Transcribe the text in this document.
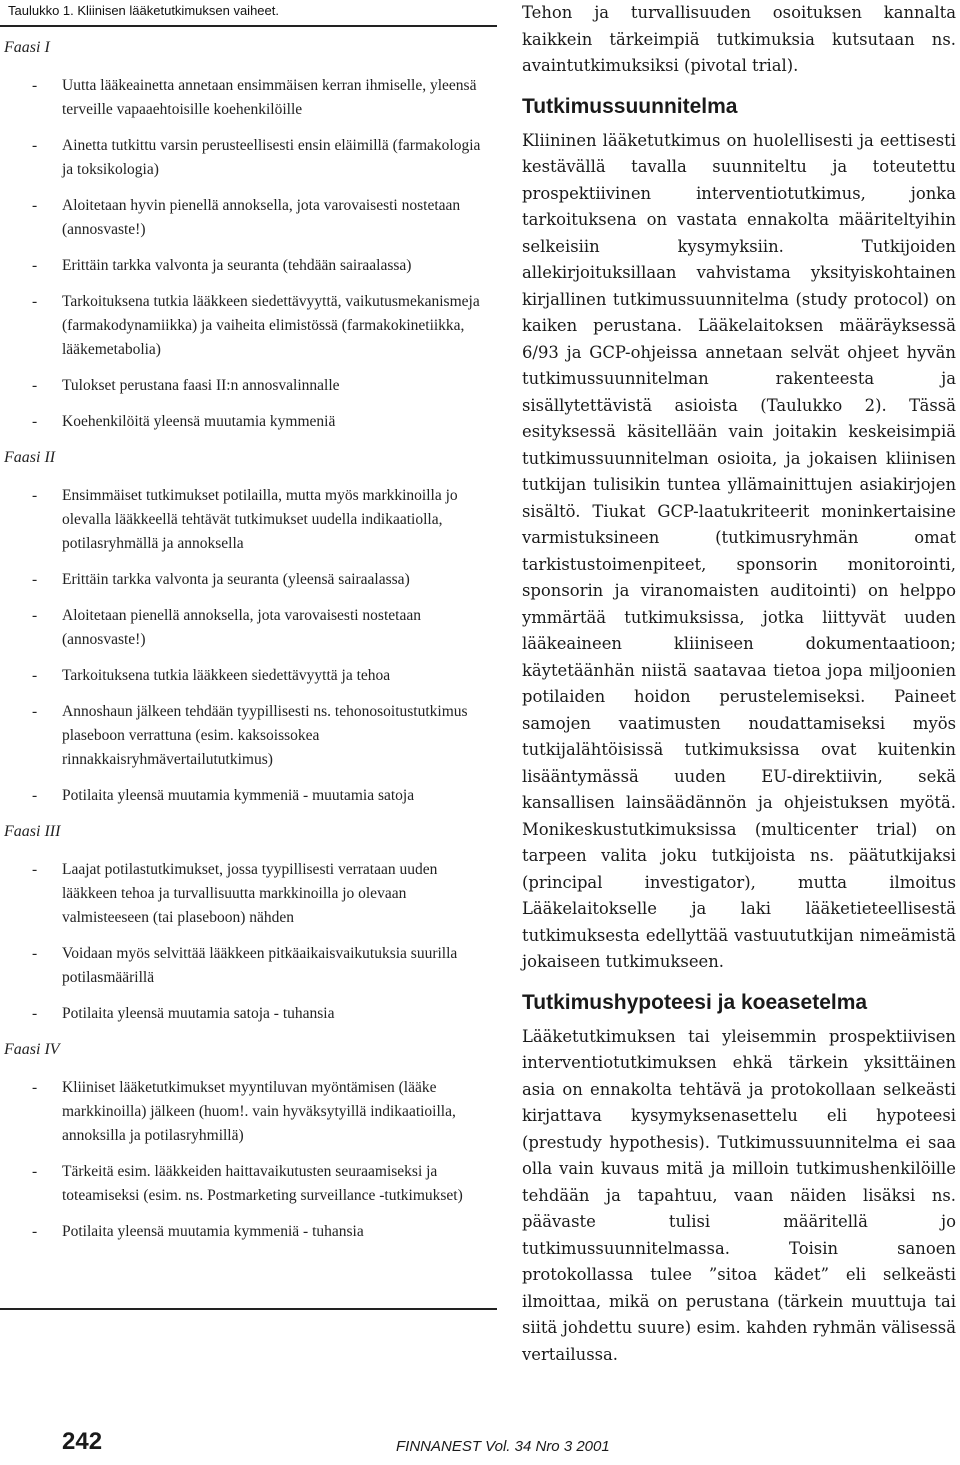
Taulukko 1. Kliinisen lääketutkimuksen vaiheet.
Faasi I
- Uutta lääkeainetta annetaan ensimmäisen kerran ihmiselle, yleensä terveille vapaaehtoisille koehenkilöille
- Ainetta tutkittu varsin perusteellisesti ensin eläimillä (farmakologia ja toksikologia)
- Aloitetaan hyvin pienellä annoksella, jota varovaisesti nostetaan (annosvaste!)
- Erittäin tarkka valvonta ja seuranta (tehdään sairaalassa)
- Tarkoituksena tutkia lääkkeen siedettävyyttä, vaikutusmekanismeja (farmakodynamiikka) ja vaiheita elimistössä (farmakokinetiikka, lääkemetabolia)
- Tulokset perustana faasi II:n annosvalinnalle
- Koehenkilöitä yleensä muutamia kymmeniä
Faasi II
- Ensimmäiset tutkimukset potilailla, mutta myös markkinoilla jo olevalla lääkkeellä tehtävät tutkimukset uudella indikaatiolla, potilasryhmällä ja annoksella
- Erittäin tarkka valvonta ja seuranta (yleensä sairaalassa)
- Aloitetaan pienellä annoksella, jota varovaisesti nostetaan (annosvaste!)
- Tarkoituksena tutkia lääkkeen siedettävyyttä ja tehoa
- Annoshaun jälkeen tehdään tyypillisesti ns. tehonosoitustutkimus plaseboon verrattuna (esim. kaksoissokea rinnakkaisryhmävertailututkimus)
- Potilaita yleensä muutamia kymmeniä - muutamia satoja
Faasi III
- Laajat potilastutkimukset, jossa tyypillisesti verrataan uuden lääkkeen tehoa ja turvallisuutta markkinoilla jo olevaan valmisteeseen (tai plaseboon) nähden
- Voidaan myös selvittää lääkkeen pitkäaikaisvaikutuksia suurilla potilasmäärillä
- Potilaita yleensä muutamia satoja - tuhansia
Faasi IV
- Kliiniset lääketutkimukset myyntiluvan myöntämisen (lääke markkinoilla) jälkeen (huom!. vain hyväksytyillä indikaatioilla, annoksilla ja potilasryhmillä)
- Tärkeitä esim. lääkkeiden haittavaikutusten seuraamiseksi ja toteamiseksi (esim. ns. Postmarketing surveillance -tutkimukset)
- Potilaita yleensä muutamia kymmeniä - tuhansia

Tehon ja turvallisuuden osoituksen kannalta kaikkein tärkeimpiä tutkimuksia kutsutaan ns. avaintutkimuksiksi (pivotal trial).

Tutkimussuunnitelma

Kliininen lääketutkimus on huolellisesti ja eettisesti kestävällä tavalla suunniteltu ja toteutettu prospektiivinen interventiotutkimus, jonka tarkoituksena on vastata ennakolta määriteltyihin selkeisiin kysymyksiin. Tutkijoiden allekirjoituksillaan vahvistama yksityiskohtainen kirjallinen tutkimussuunnitelma (study protocol) on kaiken perustana. Lääkelaitoksen määräyksessä 6/93 ja GCP-ohjeissa annetaan selvät ohjeet hyvän tutkimussuunnitelman rakenteesta ja sisällytettävistä asioista (Taulukko 2). Tässä esityksessä käsitellään vain joitakin keskeisimpiä tutkimussuunnitelman osioita, ja jokaisen kliinisen tutkijan tulisikin tuntea yllämainittujen asiakirjojen sisältö. Tiukat GCP-laatukriteerit moninkertaisine varmistuksineen (tutkimusryhmän omat tarkistustoimenpiteet, sponsorin monitorointi, sponsorin ja viranomaisten auditointi) on helppo ymmärtää tutkimuksissa, jotka liittyvät uuden lääkeaineen kliiniseen dokumentaatioon; käytetäänhän niistä saatavaa tietoa jopa miljoonien potilaiden hoidon perustelemiseksi. Paineet samojen vaatimusten noudattamiseksi myös tutkijalähtöisissä tutkimuksissa ovat kuitenkin lisääntymässä uuden EU-direktiivin, sekä kansallisen lainsäädännön ja ohjeistuksen myötä. Monikeskustutkimuksissa (multicenter trial) on tarpeen valita joku tutkijoista ns. päätutkijaksi (principal investigator), mutta ilmoitus Lääkelaitokselle ja laki lääketieteellisestä tutkimuksesta edellyttää vastuututkijan nimeämistä jokaiseen tutkimukseen.

Tutkimushypoteesi ja koeasetelma

Lääketutkimuksen tai yleisemmin prospektiivisen interventiotutkimuksen ehkä tärkein yksittäinen asia on ennakolta tehtävä ja protokollaan selkeästi kirjattava kysymyksenasettelu eli hypoteesi (prestudy hypothesis). Tutkimussuunnitelma ei saa olla vain kuvaus mitä ja milloin tutkimushenkilöille tehdään ja tapahtuu, vaan näiden lisäksi ns. päävaste tulisi määritellä jo tutkimussuunnitelmassa. Toisin sanoen protokollassa tulee ”sitoa kädet” eli selkeästi ilmoittaa, mikä on perustana (tärkein muuttuja tai siitä johdettu suure) esim. kahden ryhmän välisessä vertailussa.

242	FINNANEST Vol. 34 Nro 3 2001
